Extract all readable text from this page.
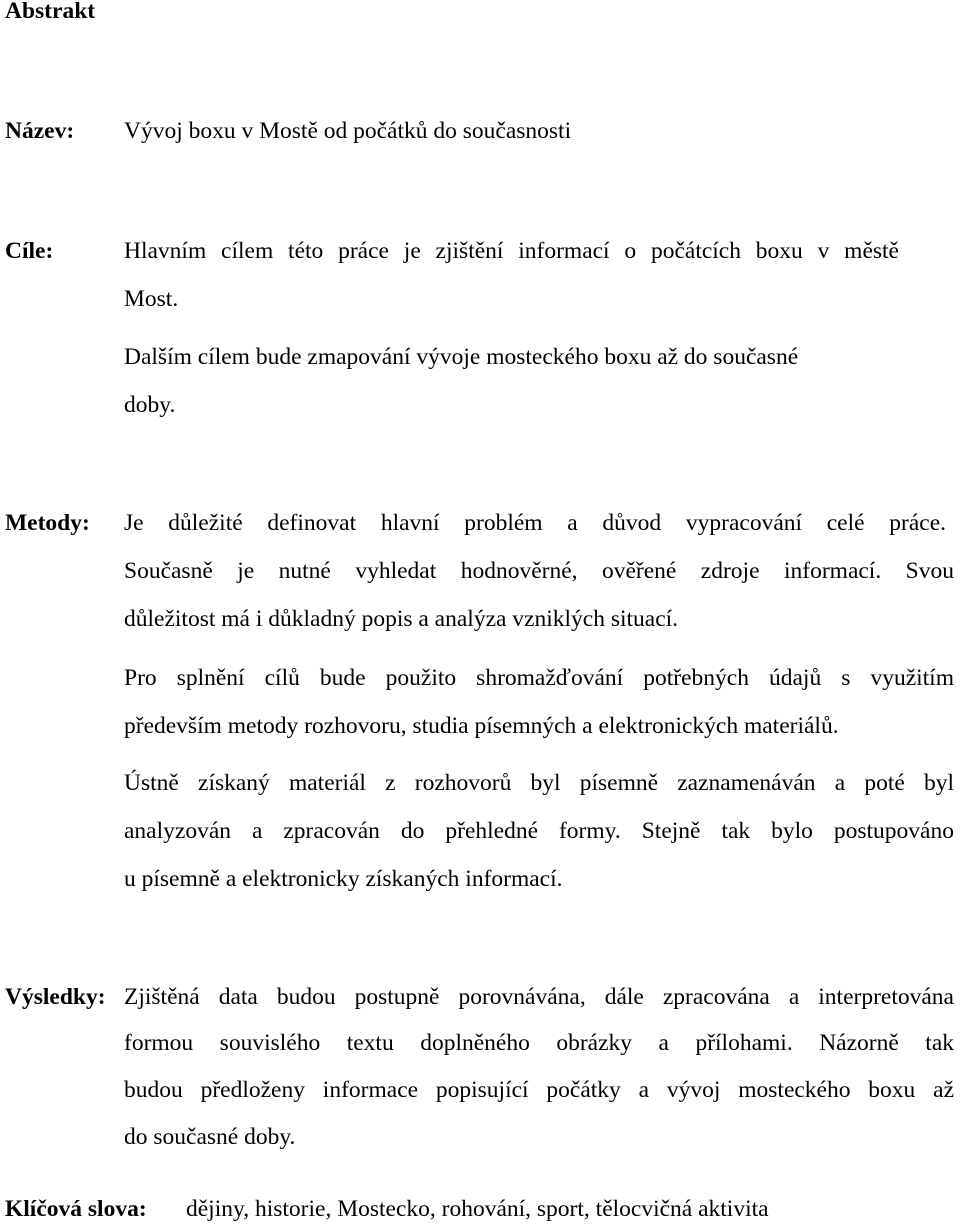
Abstrakt
Název: Vývoj boxu v Mostě od počátků do současnosti
Cíle:	Hlavním cílem této práce je zjištění informací o počátcích boxu v městě
Most.
Dalším cílem bude zmapování vývoje mosteckého boxu až do současné
doby.
Metody: Je důležité definovat hlavní problém a důvod vypracování celé práce.
Současně je nutné vyhledat hodnověrné, ověřené zdroje informací. Svou
důležitost má i důkladný popis a analýza vzniklých situací.
Pro splnění cílů bude použito shromažďování potřebných údajů s využitím
především metody rozhovoru, studia písemných a elektronických materiálů.
Ústně získaný materiál z rozhovorů byl písemně zaznamenáván a poté byl
analyzován a zpracován do přehledné formy. Stejně tak bylo postupováno
u písemně a elektronicky získaných informací.
Výsledky: Zjištěná data budou postupně porovnávána, dále zpracována a interpretována
formou souvislého textu doplněného obrázky a přílohami. Názorně tak
budou předloženy informace popisující počátky a vývoj mosteckého boxu až
do současné doby.
Klíčová slova: dějiny, historie, Mostecko, rohování, sport, tělocvičná aktivita
